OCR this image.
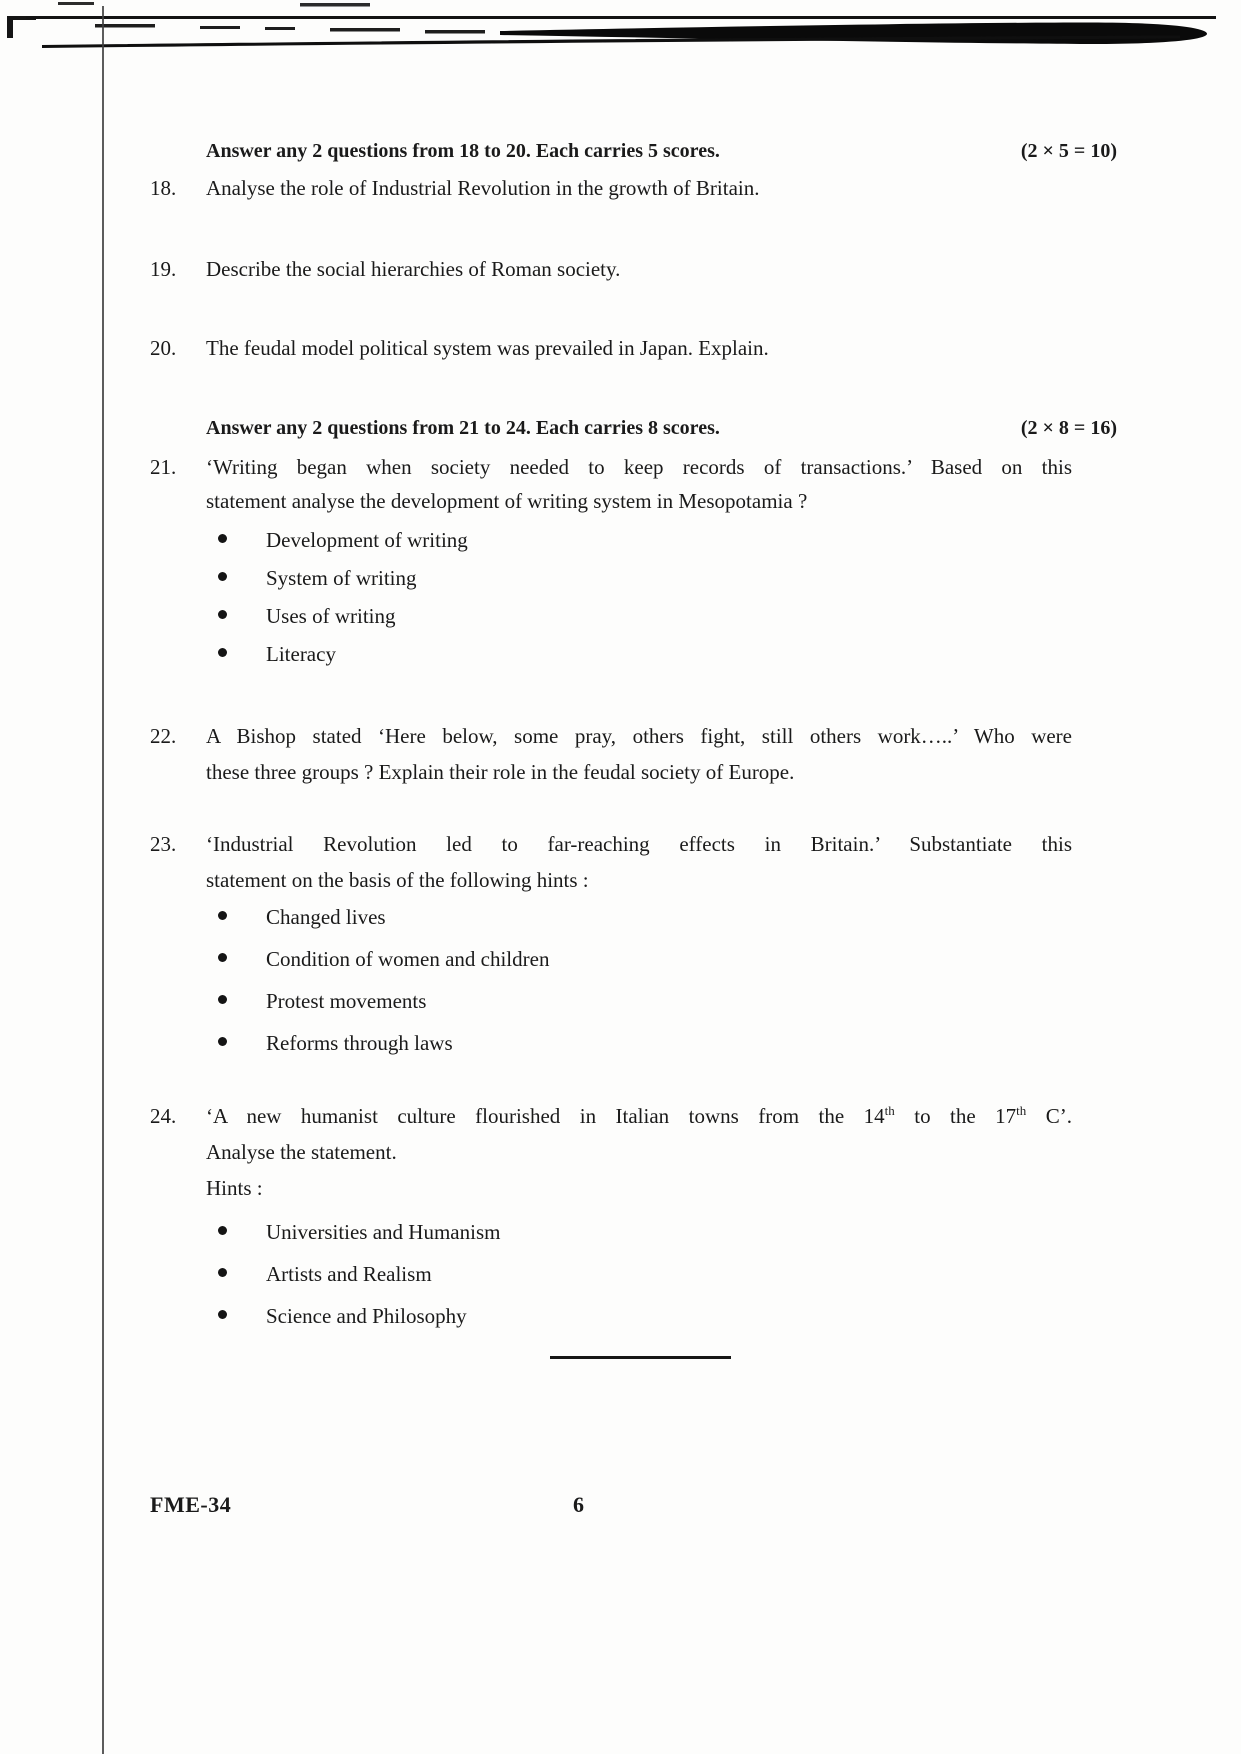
Answer any 2 questions from 18 to 20. Each carries 5 scores.	(2 × 5 = 10)
18.	Analyse the role of Industrial Revolution in the growth of Britain.
19.	Describe the social hierarchies of Roman society.
20.	The feudal model political system was prevailed in Japan. Explain.
Answer any 2 questions from 21 to 24. Each carries 8 scores.	(2 × 8 = 16)
21.	‘Writing began when society needed to keep records of transactions.’ Based on this
statement analyse the development of writing system in Mesopotamia ?
Development of writing
System of writing
Uses of writing
Literacy
22.	A Bishop stated ‘Here below, some pray, others fight, still others work…..’ Who were
these three groups ? Explain their role in the feudal society of Europe.
23.	‘Industrial Revolution led to far-reaching effects in Britain.’ Substantiate this
statement on the basis of the following hints :
Changed lives
Condition of women and children
Protest movements
Reforms through laws
24.	‘A new humanist culture flourished in Italian towns from the 14th to the 17th C’.
Analyse the statement.
Hints :
Universities and Humanism
Artists and Realism
Science and Philosophy
FME-34	6
